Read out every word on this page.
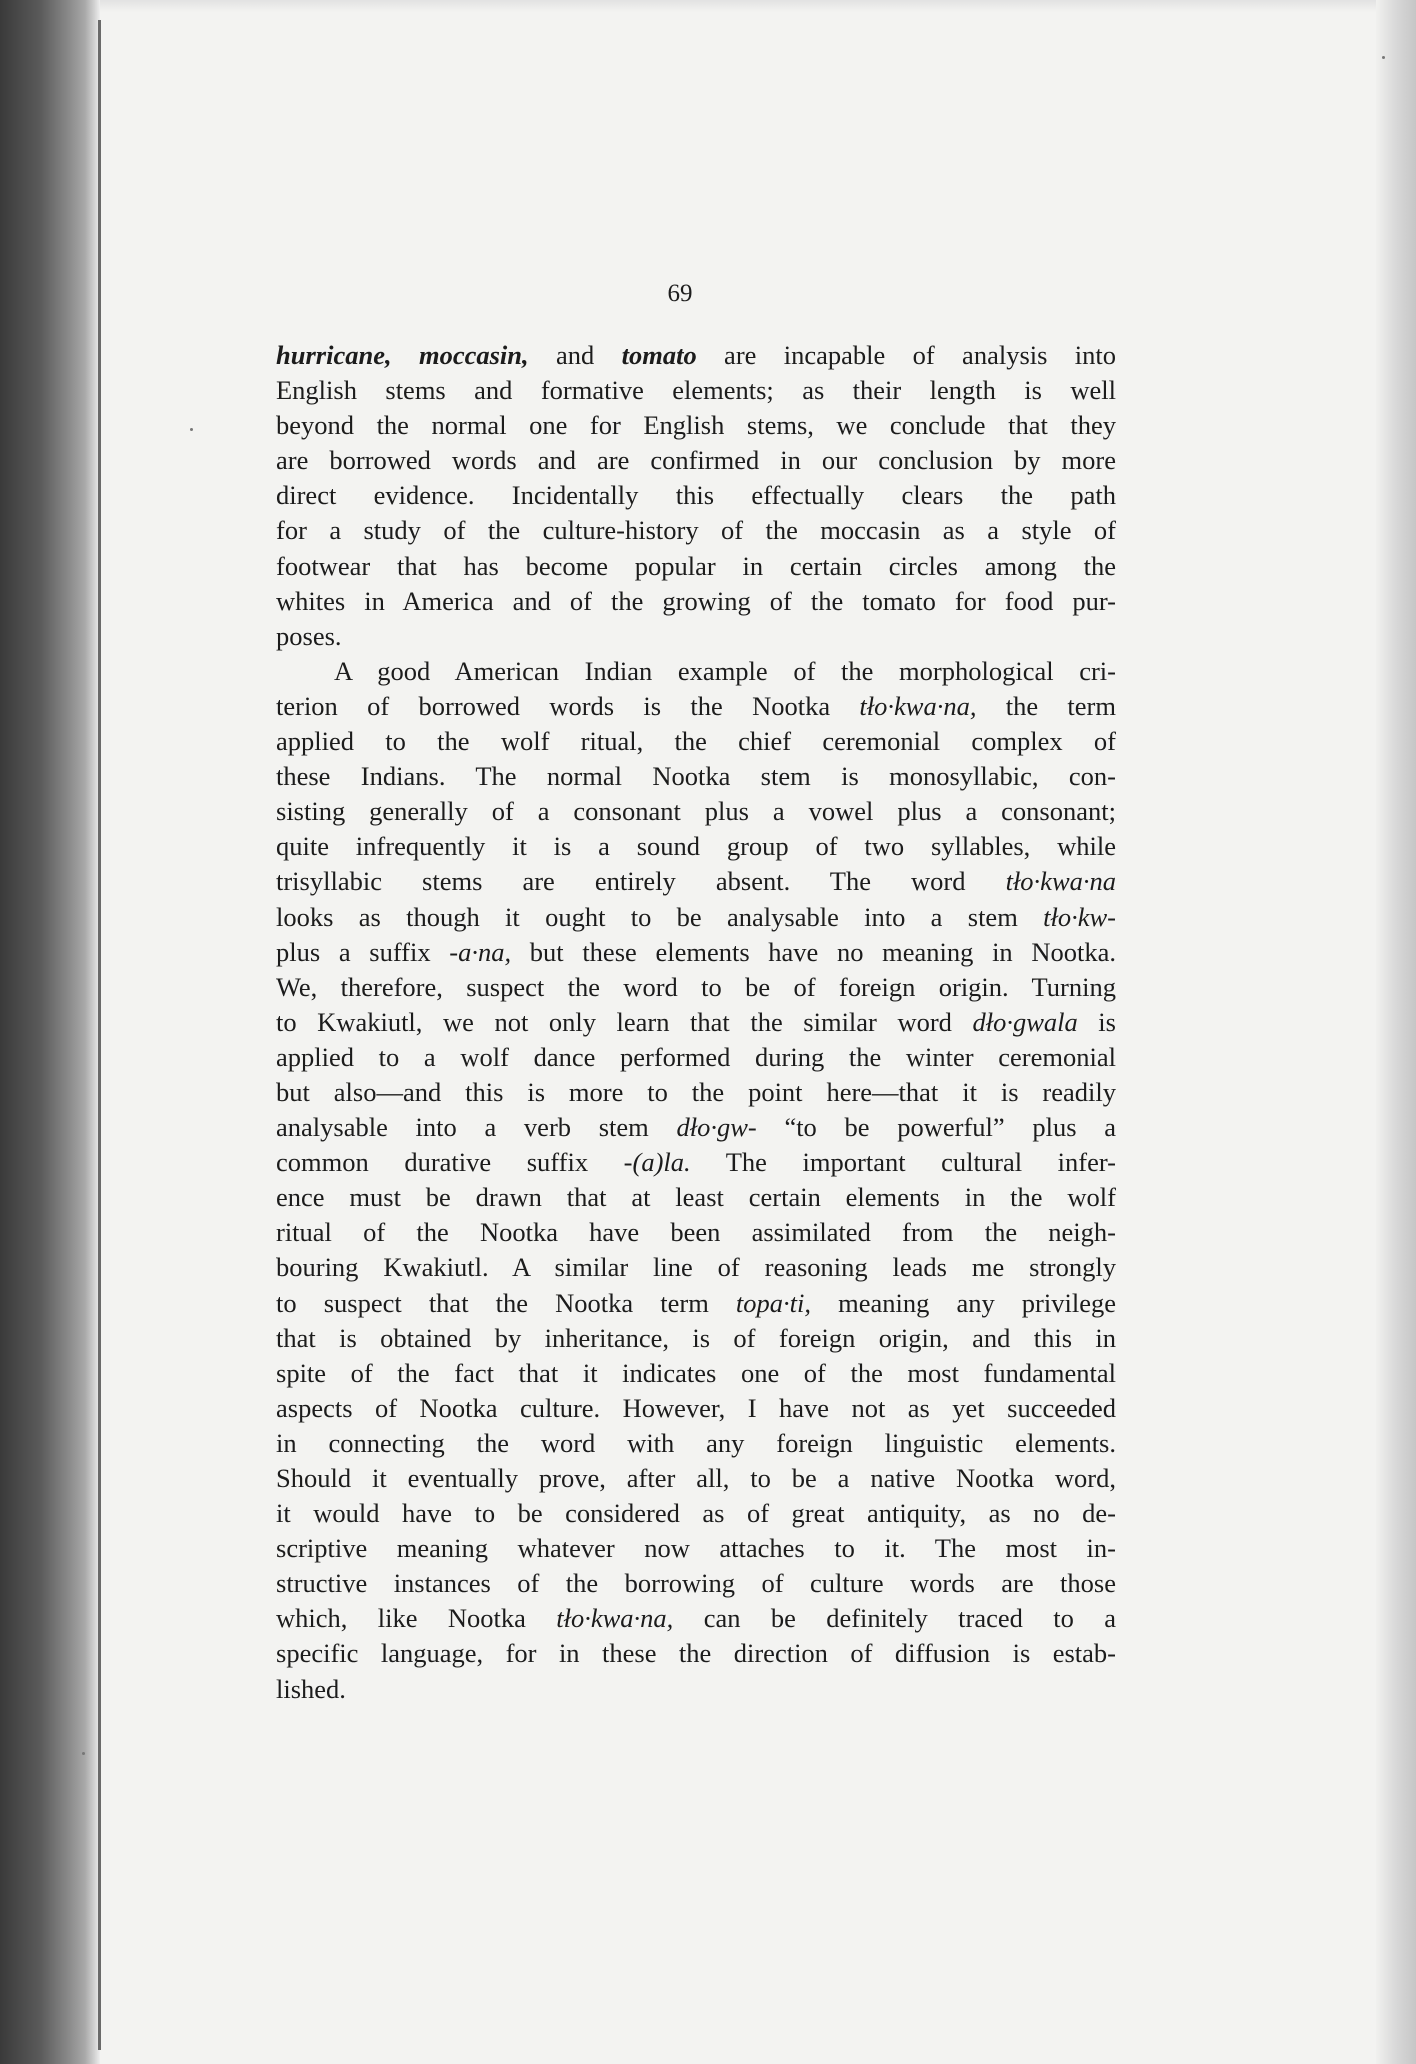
69
hurricane, moccasin, and tomato are incapable of analysis into
English stems and formative elements; as their length is well
beyond the normal one for English stems, we conclude that they
are borrowed words and are confirmed in our conclusion by more
direct evidence. Incidentally this effectually clears the path
for a study of the culture-history of the moccasin as a style of
footwear that has become popular in certain circles among the
whites in America and of the growing of the tomato for food pur-
poses.
A good American Indian example of the morphological cri-
terion of borrowed words is the Nootka tło·kwa·na, the term
applied to the wolf ritual, the chief ceremonial complex of
these Indians. The normal Nootka stem is monosyllabic, con-
sisting generally of a consonant plus a vowel plus a consonant;
quite infrequently it is a sound group of two syllables, while
trisyllabic stems are entirely absent. The word tło·kwa·na
looks as though it ought to be analysable into a stem tło·kw-
plus a suffix -a·na, but these elements have no meaning in Nootka.
We, therefore, suspect the word to be of foreign origin. Turning
to Kwakiutl, we not only learn that the similar word dło·gwala is
applied to a wolf dance performed during the winter ceremonial
but also—and this is more to the point here—that it is readily
analysable into a verb stem dło·gw- “to be powerful” plus a
common durative suffix -(a)la. The important cultural infer-
ence must be drawn that at least certain elements in the wolf
ritual of the Nootka have been assimilated from the neigh-
bouring Kwakiutl. A similar line of reasoning leads me strongly
to suspect that the Nootka term topa·ti, meaning any privilege
that is obtained by inheritance, is of foreign origin, and this in
spite of the fact that it indicates one of the most fundamental
aspects of Nootka culture. However, I have not as yet succeeded
in connecting the word with any foreign linguistic elements.
Should it eventually prove, after all, to be a native Nootka word,
it would have to be considered as of great antiquity, as no de-
scriptive meaning whatever now attaches to it. The most in-
structive instances of the borrowing of culture words are those
which, like Nootka tło·kwa·na, can be definitely traced to a
specific language, for in these the direction of diffusion is estab-
lished.
